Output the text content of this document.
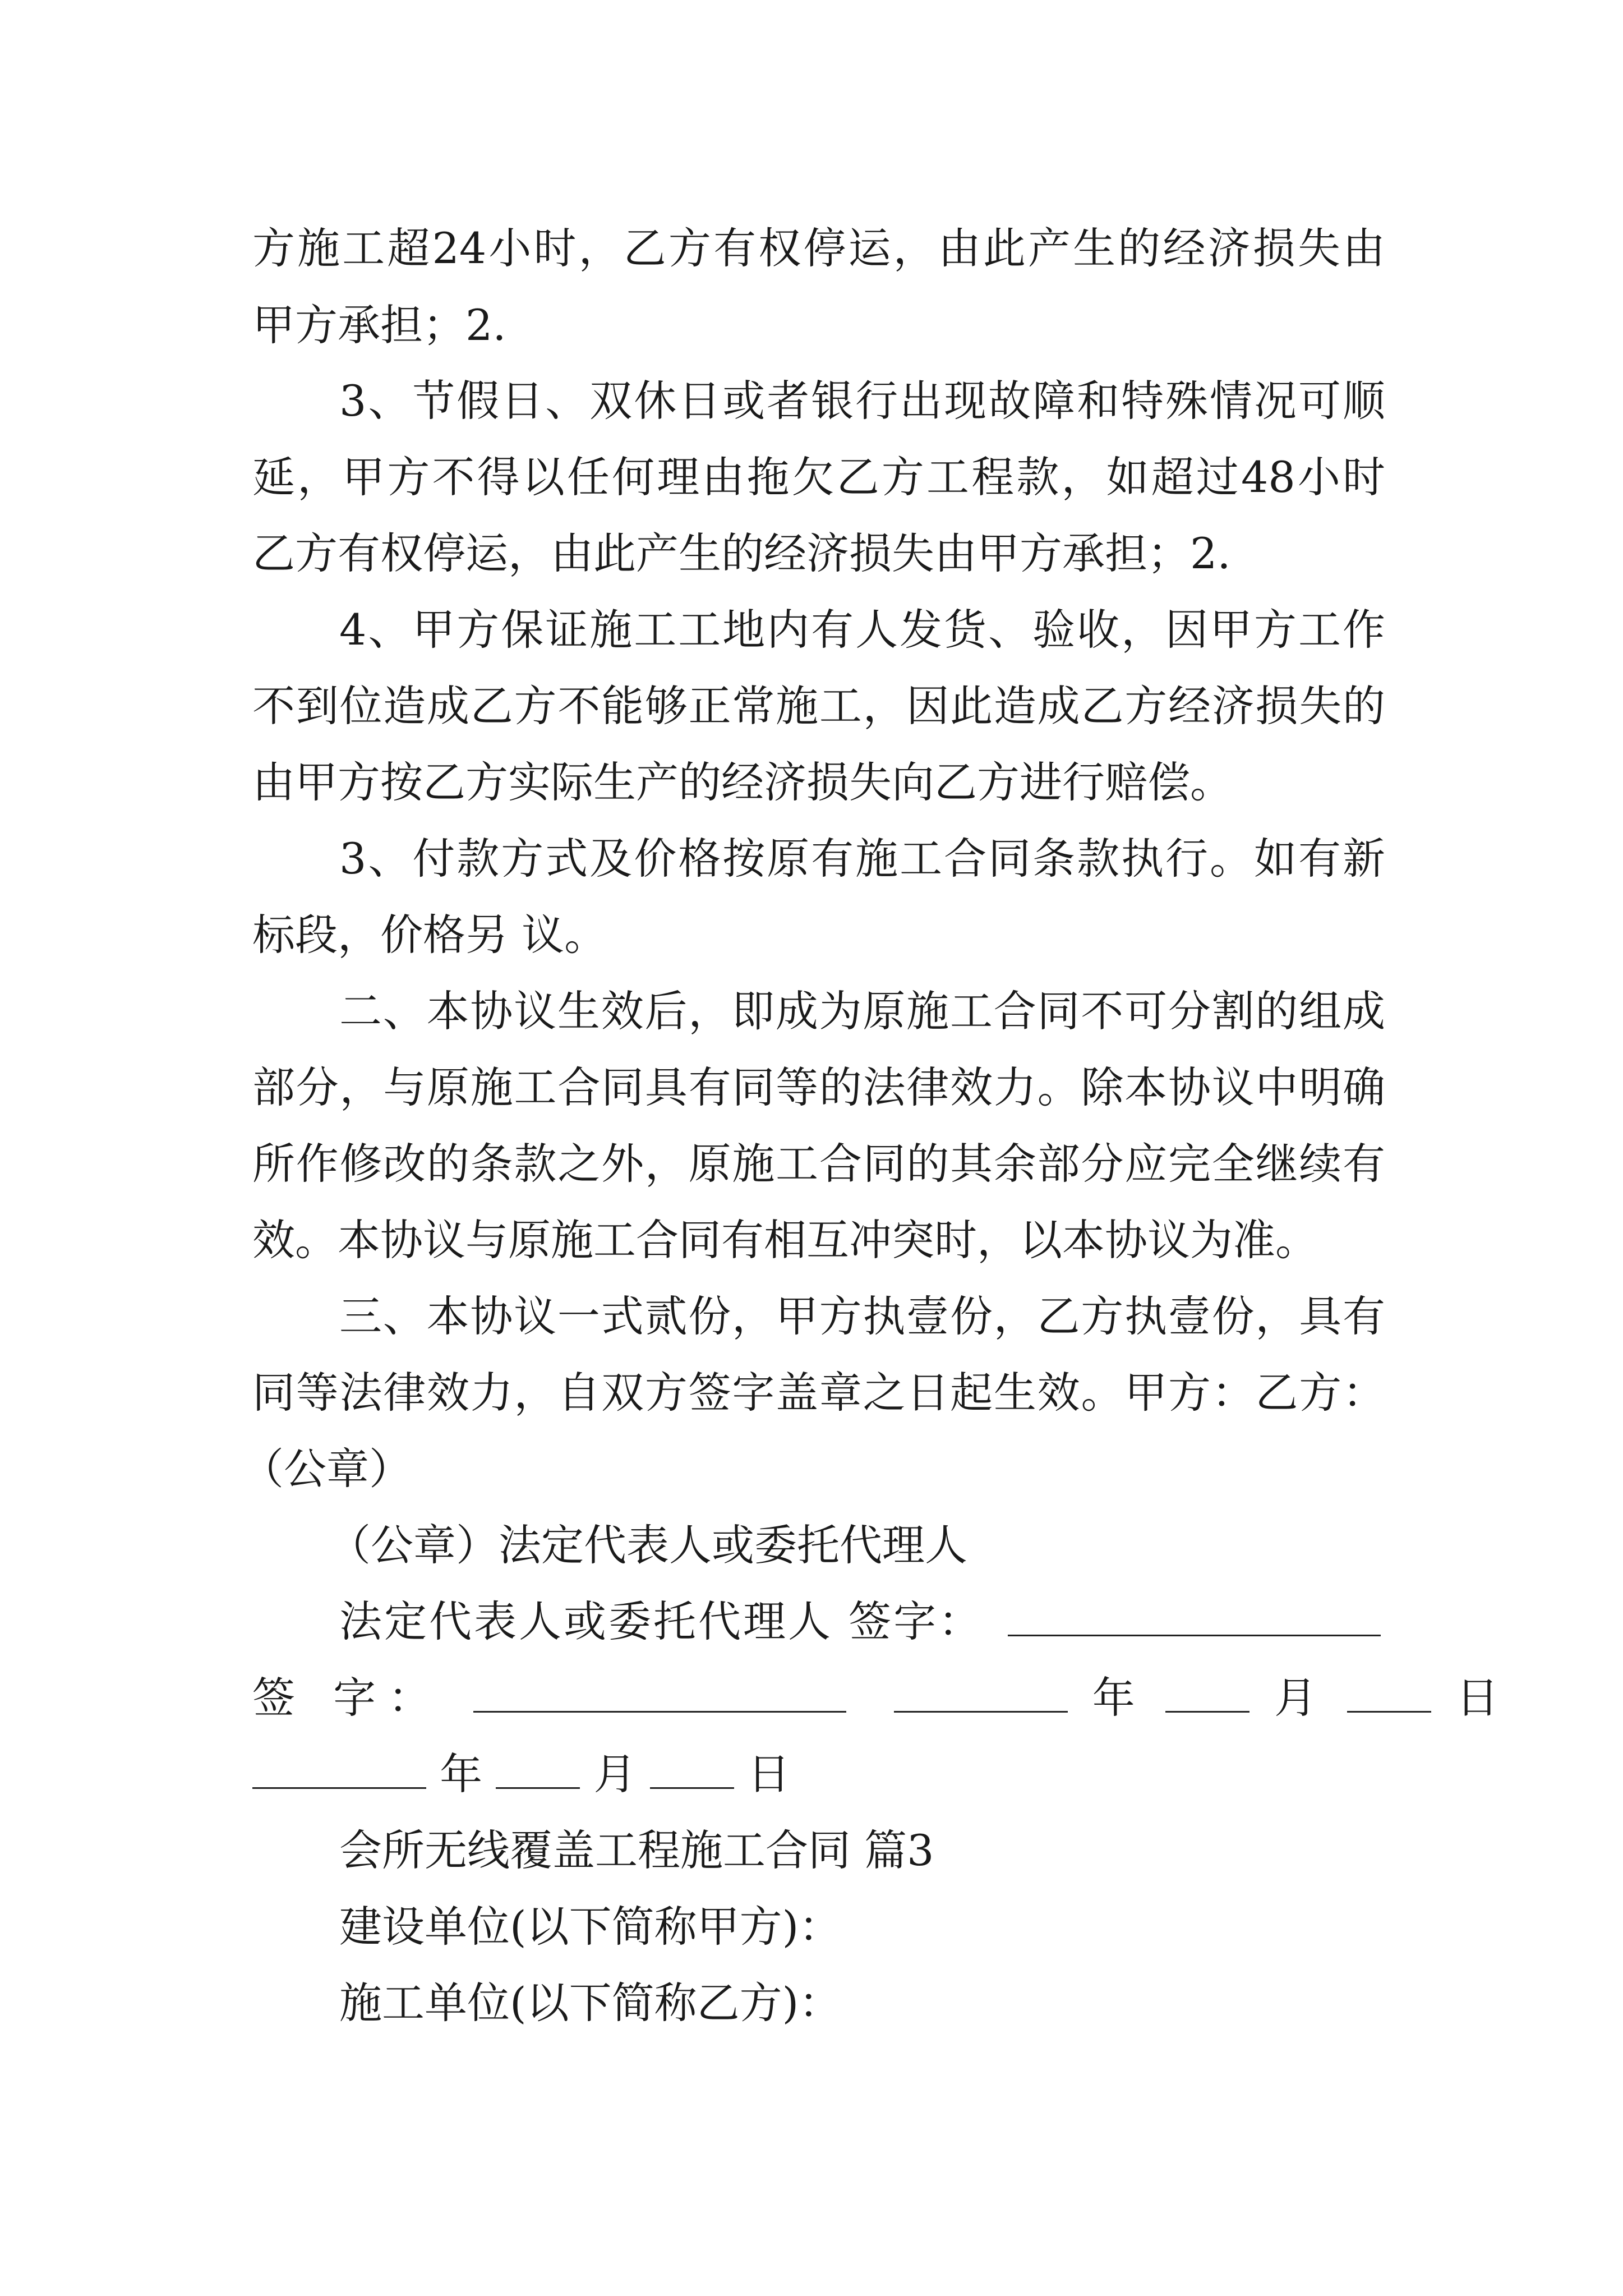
方施工超24小时，乙方有权停运，由此产生的经济损失由
甲方承担；2.
3、节假日、双休日或者银行出现故障和特殊情况可顺
延，甲方不得以任何理由拖欠乙方工程款，如超过48小时
乙方有权停运，由此产生的经济损失由甲方承担；2.
4、甲方保证施工工地内有人发货、验收，因甲方工作
不到位造成乙方不能够正常施工，因此造成乙方经济损失的
由甲方按乙方实际生产的经济损失向乙方进行赔偿。
3、付款方式及价格按原有施工合同条款执行。如有新
标段，价格另 议。
二、本协议生效后，即成为原施工合同不可分割的组成
部分，与原施工合同具有同等的法律效力。除本协议中明确
所作修改的条款之外，原施工合同的其余部分应完全继续有
效。本协议与原施工合同有相互冲突时，以本协议为准。
三、本协议一式贰份，甲方执壹份，乙方执壹份，具有
同等法律效力，自双方签字盖章之日起生效。甲方：乙方：
（公章）
（公章）法定代表人或委托代理人
法定代表人或委托代理人 签字：
签 字：	年	月	日
年	月	日
会所无线覆盖工程施工合同 篇3
建设单位(以下简称甲方)：
施工单位(以下简称乙方)：
